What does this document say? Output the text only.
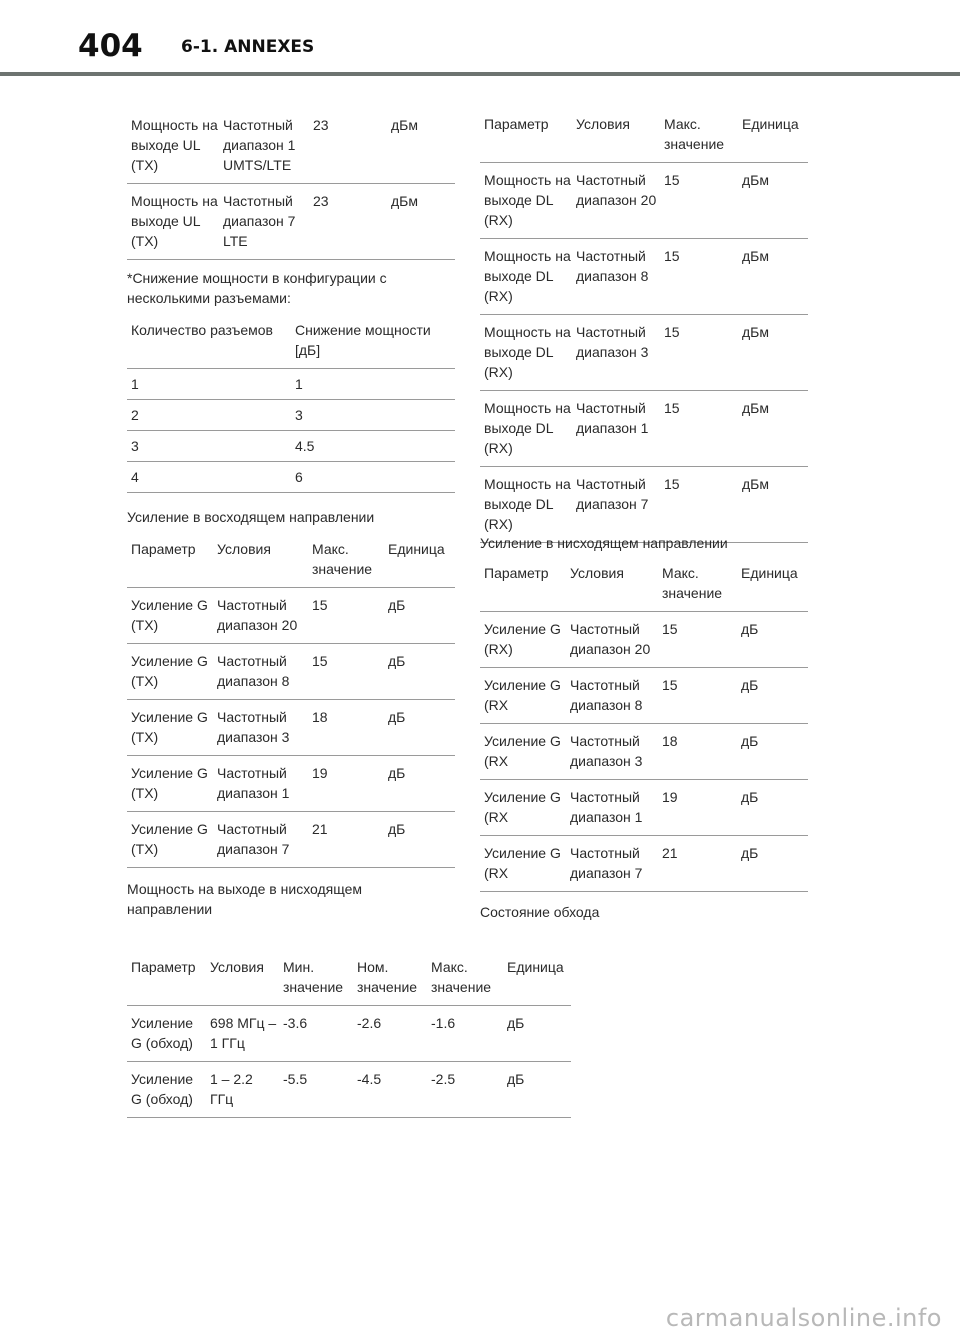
404 6-1. ANNEXES
Мощность на выходе UL (TX)	Частотный диапазон 1 UMTS/LTE	23	дБм
Мощность на выходе UL (TX)	Частотный диапазон 7 LTE	23	дБм
*Снижение мощности в конфигурации с несколькими разъемами:
Количество разъемов	Снижение мощности [дБ]
1	1
2	3
3	4.5
4	6
Усиление в восходящем направлении
Параметр	Условия	Макс. значение	Единица
Усиление G (TX)	Частотный диапазон 20	15	дБ
Усиление G (TX)	Частотный диапазон 8	15	дБ
Усиление G (TX)	Частотный диапазон 3	18	дБ
Усиление G (TX)	Частотный диапазон 1	19	дБ
Усиление G (TX)	Частотный диапазон 7	21	дБ
Мощность на выходе в нисходящем направлении
Параметр	Условия	Макс. значение	Единица
Мощность на выходе DL (RX)	Частотный диапазон 20	15	дБм
Мощность на выходе DL (RX)	Частотный диапазон 8	15	дБм
Мощность на выходе DL (RX)	Частотный диапазон 3	15	дБм
Мощность на выходе DL (RX)	Частотный диапазон 1	15	дБм
Мощность на выходе DL (RX)	Частотный диапазон 7	15	дБм
Усиление в нисходящем направлении
Параметр	Условия	Макс. значение	Единица
Усиление G (RX)	Частотный диапазон 20	15	дБ
Усиление G (RX	Частотный диапазон 8	15	дБ
Усиление G (RX	Частотный диапазон 3	18	дБ
Усиление G (RX	Частотный диапазон 1	19	дБ
Усиление G (RX	Частотный диапазон 7	21	дБ
Состояние обхода
Параметр	Условия	Мин. значение	Ном. значение	Макс. значение	Единица
Усиление G (обход)	698 МГц – 1 ГГц	-3.6	-2.6	-1.6	дБ
Усиление G (обход)	1 – 2.2 ГГц	-5.5	-4.5	-2.5	дБ
carmanualsonline.info
